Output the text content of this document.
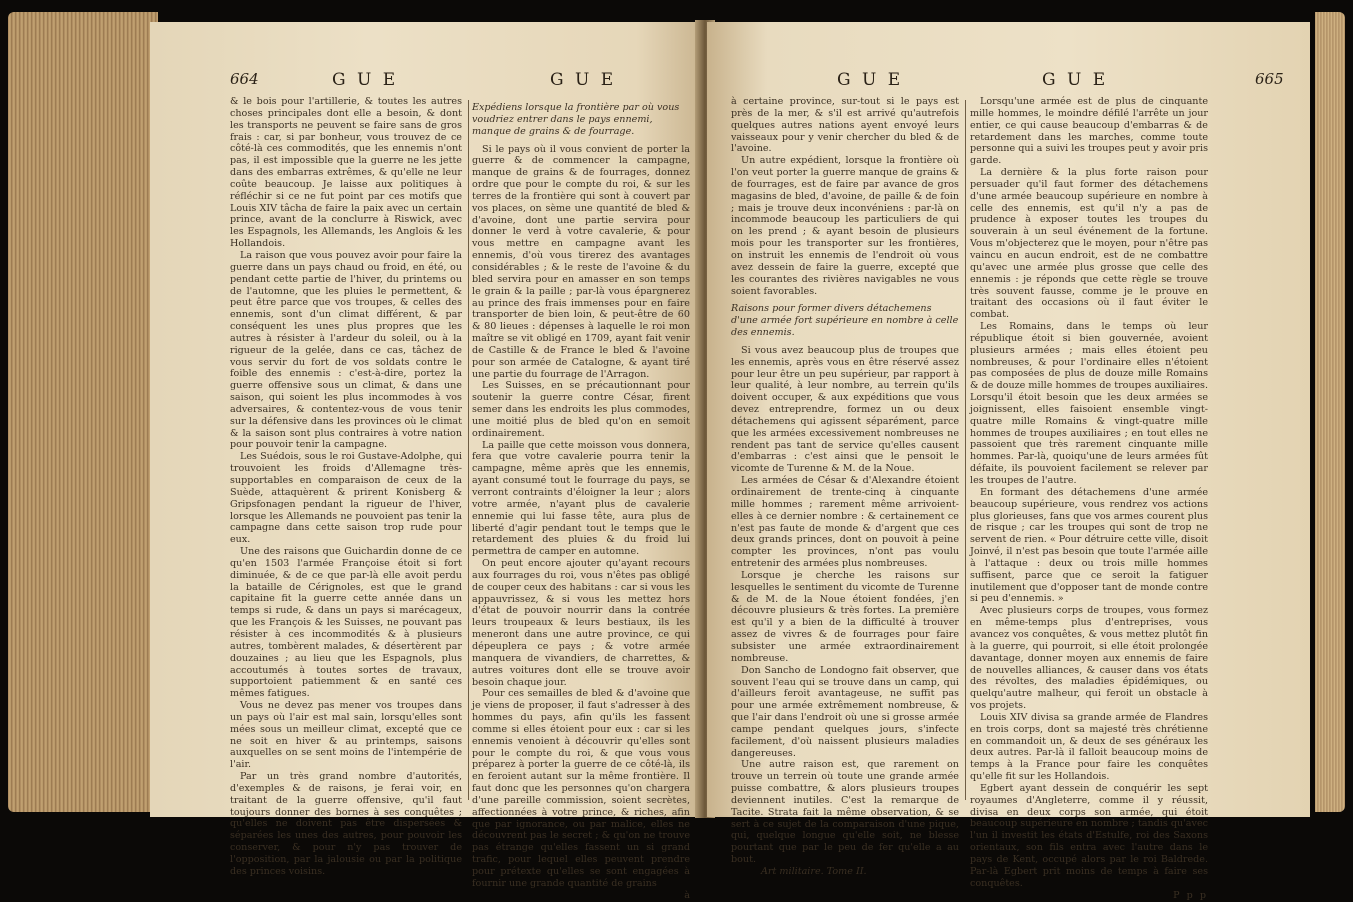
664	G U E	G U E

& le bois pour l'artillerie, & toutes les autres choses principales dont elle a besoin, & dont les transports ne peuvent se faire sans de gros frais : car, si par bonheur, vous trouvez de ce côté-là ces commodités, que les ennemis n'ont pas, il est impossible que la guerre ne les jette dans des embarras extrêmes, & qu'elle ne leur coûte beaucoup. Je laisse aux politiques à réfléchir si ce ne fut point par ces motifs que Louis XIV tâcha de faire la paix avec un certain prince, avant de la conclurre à Riswick, avec les Espagnols, les Allemands, les Anglois & les Hollandois.

La raison que vous pouvez avoir pour faire la guerre dans un pays chaud ou froid, en été, ou pendant cette partie de l'hiver, du printems ou de l'automne, que les pluies le permettent, & peut être parce que vos troupes, & celles des ennemis, sont d'un climat différent, & par conséquent les unes plus propres que les autres à résister à l'ardeur du soleil, ou à la rigueur de la gelée, dans ce cas, tâchez de vous servir du fort de vos soldats contre le foible des ennemis : c'est-à-dire, portez la guerre offensive sous un climat, & dans une saison, qui soient les plus incommodes à vos adversaires, & contentez-vous de vous tenir sur la défensive dans les provinces où le climat & la saison sont plus contraires à votre nation pour pouvoir tenir la campagne.

Les Suédois, sous le roi Gustave-Adolphe, qui trouvoient les froids d'Allemagne très-supportables en comparaison de ceux de la Suède, attaquèrent & prirent Konisberg & Gripsfonagen pendant la rigueur de l'hiver, lorsque les Allemands ne pouvoient pas tenir la campagne dans cette saison trop rude pour eux.

Une des raisons que Guichardin donne de ce qu'en 1503 l'armée Françoise étoit si fort diminuée, & de ce que par-là elle avoit perdu la bataille de Cérignoles, est que le grand capitaine fit la guerre cette année dans un temps si rude, & dans un pays si marécageux, que les François & les Suisses, ne pouvant pas résister à ces incommodités & à plusieurs autres, tombèrent malades, & désertèrent par douzaines ; au lieu que les Espagnols, plus accoutumés à toutes sortes de travaux, supportoient patiemment & en santé ces mêmes fatigues.

Vous ne devez pas mener vos troupes dans un pays où l'air est mal sain, lorsqu'elles sont mées sous un meilleur climat, excepté que ce ne soit en hiver & au printemps, saisons auxquelles on se sent moins de l'intempérie de l'air.

Par un très grand nombre d'autorités, d'exemples & de raisons, je ferai voir, en traitant de la guerre offensive, qu'il faut toujours donner des bornes à ses conquêtes ; qu'elles ne doivent pas être dispersées & séparées les unes des autres, pour pouvoir les conserver, & pour n'y pas trouver de l'opposition, par la jalousie ou par la politique des princes voisins.

Expédiens lorsque la frontière par où vous voudriez entrer dans le pays ennemi, manque de grains & de fourrage.

Si le pays où il vous convient de porter la guerre & de commencer la campagne, manque de grains & de fourrages, donnez ordre que pour le compte du roi, & sur les terres de la frontière qui sont à couvert par vos places, on sème une quantité de bled & d'avoine, dont une partie servira pour donner le verd à votre cavalerie, & pour vous mettre en campagne avant les ennemis, d'où vous tirerez des avantages considérables ; & le reste de l'avoine & du bled servira pour en amasser en son temps le grain & la paille ; par-là vous épargnerez au prince des frais immenses pour en faire transporter de bien loin, & peut-être de 60 & 80 lieues : dépenses à laquelle le roi mon maître se vit obligé en 1709, ayant fait venir de Castille & de France le bled & l'avoine pour son armée de Catalogne, & ayant tiré une partie du fourrage de l'Arragon.

Les Suisses, en se précautionnant pour soutenir la guerre contre César, firent semer dans les endroits les plus commodes, une moitié plus de bled qu'on en semoit ordinairement.

La paille que cette moisson vous donnera, fera que votre cavalerie pourra tenir la campagne, même après que les ennemis, ayant consumé tout le fourrage du pays, se verront contraints d'éloigner la leur ; alors votre armée, n'ayant plus de cavalerie ennemie qui lui fasse tête, aura plus de liberté d'agir pendant tout le temps que le retardement des pluies & du froid lui permettra de camper en automne.

On peut encore ajouter qu'ayant recours aux fourrages du roi, vous n'êtes pas obligé de couper ceux des habitans : car si vous les appauvrissez, & si vous les mettez hors d'état de pouvoir nourrir dans la contrée leurs troupeaux & leurs bestiaux, ils les meneront dans une autre province, ce qui dépeuplera ce pays ; & votre armée manquera de vivandiers, de charrettes, & autres voitures dont elle se trouve avoir besoin chaque jour.

Pour ces semailles de bled & d'avoine que je viens de proposer, il faut s'adresser à des hommes du pays, afin qu'ils les fassent comme si elles étoient pour eux : car si les ennemis venoient à découvrir qu'elles sont pour le compte du roi, & que vous vous préparez à porter la guerre de ce côté-là, ils en feroient autant sur la même frontière. Il faut donc que les personnes qu'on chargera d'une pareille commission, soient secrètes, affectionnées à votre prince, & riches, afin que par ignorance, ou par malice, elles ne découvrent pas le secret ; & qu'on ne trouve pas étrange qu'elles fassent un si grand trafic, pour lequel elles peuvent prendre pour prétexte qu'elles se sont engagées à fournir une grande quantité de grains

à

G U E	G U E	665

à certaine province, sur-tout si le pays est près de la mer, & s'il est arrivé qu'autrefois quelques autres nations ayent envoyé leurs vaisseaux pour y venir chercher du bled & de l'avoine.

Un autre expédient, lorsque la frontière où l'on veut porter la guerre manque de grains & de fourrages, est de faire par avance de gros magasins de bled, d'avoine, de paille & de foin ; mais je trouve deux inconvéniens : par-là on incommode beaucoup les particuliers de qui on les prend ; & ayant besoin de plusieurs mois pour les transporter sur les frontières, on instruit les ennemis de l'endroit où vous avez dessein de faire la guerre, excepté que les courantes des rivières navigables ne vous soient favorables.

Raisons pour former divers détachemens d'une armée fort supérieure en nombre à celle des ennemis.

Si vous avez beaucoup plus de troupes que les ennemis, après vous en être réservé assez pour leur être un peu supérieur, par rapport à leur qualité, à leur nombre, au terrein qu'ils doivent occuper, & aux expéditions que vous devez entreprendre, formez un ou deux détachemens qui agissent séparément, parce que les armées excessivement nombreuses ne rendent pas tant de service qu'elles causent d'embarras : c'est ainsi que le pensoit le vicomte de Turenne & M. de la Noue.

Les armées de César & d'Alexandre étoient ordinairement de trente-cinq à cinquante mille hommes ; rarement même arrivoient-elles à ce dernier nombre : & certainement ce n'est pas faute de monde & d'argent que ces deux grands princes, dont on pouvoit à peine compter les provinces, n'ont pas voulu entretenir des armées plus nombreuses.

Lorsque je cherche les raisons sur lesquelles le sentiment du vicomte de Turenne & de M. de la Noue étoient fondées, j'en découvre plusieurs & très fortes. La première est qu'il y a bien de la difficulté à trouver assez de vivres & de fourrages pour faire subsister une armée extraordinairement nombreuse.

Don Sancho de Londogno fait observer, que souvent l'eau qui se trouve dans un camp, qui d'ailleurs feroit avantageuse, ne suffit pas pour une armée extrêmement nombreuse, & que l'air dans l'endroit où une si grosse armée campe pendant quelques jours, s'infecte facilement, d'où naissent plusieurs maladies dangereuses.

Une autre raison est, que rarement on trouve un terrein où toute une grande armée puisse combattre, & alors plusieurs troupes deviennent inutiles. C'est la remarque de Tacite. Strata fait la même observation, & se sert à ce sujet de la comparaison d'une pique, qui, quelque longue qu'elle soit, ne blesse pourtant que par le peu de fer qu'elle a au bout.

Art militaire. Tome II.

Lorsqu'une armée est de plus de cinquante mille hommes, le moindre défilé l'arrête un jour entier, ce qui cause beaucoup d'embarras & de retardement dans les marches, comme toute personne qui a suivi les troupes peut y avoir pris garde.

La dernière & la plus forte raison pour persuader qu'il faut former des détachemens d'une armée beaucoup supérieure en nombre à celle des ennemis, est qu'il n'y a pas de prudence à exposer toutes les troupes du souverain à un seul événement de la fortune. Vous m'objecterez que le moyen, pour n'être pas vaincu en aucun endroit, est de ne combattre qu'avec une armée plus grosse que celle des ennemis : je réponds que cette règle se trouve très souvent fausse, comme je le prouve en traitant des occasions où il faut éviter le combat.

Les Romains, dans le temps où leur république étoit si bien gouvernée, avoient plusieurs armées ; mais elles étoient peu nombreuses, & pour l'ordinaire elles n'étoient pas composées de plus de douze mille Romains & de douze mille hommes de troupes auxiliaires. Lorsqu'il étoit besoin que les deux armées se joignissent, elles faisoient ensemble vingt-quatre mille Romains & vingt-quatre mille hommes de troupes auxiliaires ; en tout elles ne passoient que très rarement cinquante mille hommes. Par-là, quoiqu'une de leurs armées fût défaite, ils pouvoient facilement se relever par les troupes de l'autre.

En formant des détachemens d'une armée beaucoup supérieure, vous rendrez vos actions plus glorieuses, fans que vos armes courent plus de risque ; car les troupes qui sont de trop ne servent de rien. « Pour détruire cette ville, disoit Joinvé, il n'est pas besoin que toute l'armée aille à l'attaque : deux ou trois mille hommes suffisent, parce que ce seroit la fatiguer inutilement que d'opposer tant de monde contre si peu d'ennemis. »

Avec plusieurs corps de troupes, vous formez en même-temps plus d'entreprises, vous avancez vos conquêtes, & vous mettez plutôt fin à la guerre, qui pourroit, si elle étoit prolongée davantage, donner moyen aux ennemis de faire de nouvelles alliances, & causer dans vos états des révoltes, des maladies épidémiques, ou quelqu'autre malheur, qui feroit un obstacle à vos projets.

Louis XIV divisa sa grande armée de Flandres en trois corps, dont sa majesté très chrétienne en commandoit un, & deux de ses généraux les deux autres. Par-là il falloit beaucoup moins de temps à la France pour faire les conquêtes qu'elle fit sur les Hollandois.

Egbert ayant dessein de conquérir les sept royaumes d'Angleterre, comme il y réussit, divisa en deux corps son armée, qui étoit beaucoup supérieure en nombre ; tandis qu'avec l'un il investit les états d'Estulfe, roi des Saxons orientaux, son fils entra avec l'autre dans le pays de Kent, occupé alors par le roi Baldrede. Par-là Egbert prit moins de temps à faire ses conquêtes.

P p p
